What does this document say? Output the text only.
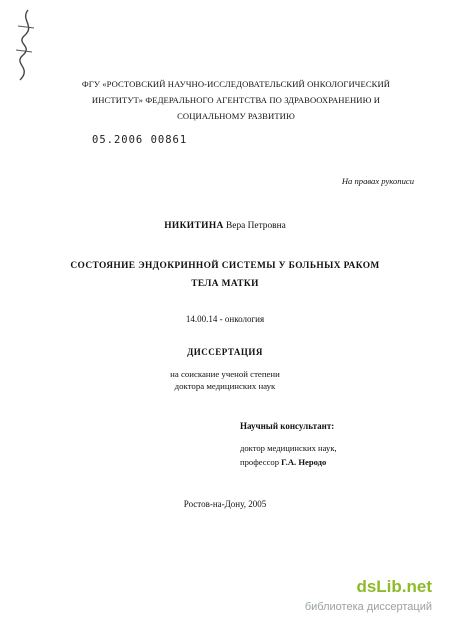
ФГУ «РОСТОВСКИЙ НАУЧНО-ИССЛЕДОВАТЕЛЬСКИЙ ОНКОЛОГИЧЕСКИЙ
ИНСТИТУТ» ФЕДЕРАЛЬНОГО АГЕНТСТВА ПО ЗДРАВООХРАНЕНИЮ И
СОЦИАЛЬНОМУ РАЗВИТИЮ
05.2006 00861
На правах рукописи
НИКИТИНА Вера Петровна
СОСТОЯНИЕ ЭНДОКРИННОЙ СИСТЕМЫ У БОЛЬНЫХ РАКОМ
ТЕЛА МАТКИ
14.00.14 - онкология
ДИССЕРТАЦИЯ
на соискание ученой степени
доктора медицинских наук
Научный консультант:
доктор медицинских наук,
профессор Г.А. Неродо
Ростов-на-Дону, 2005
dsLib.net
библиотека диссертаций
